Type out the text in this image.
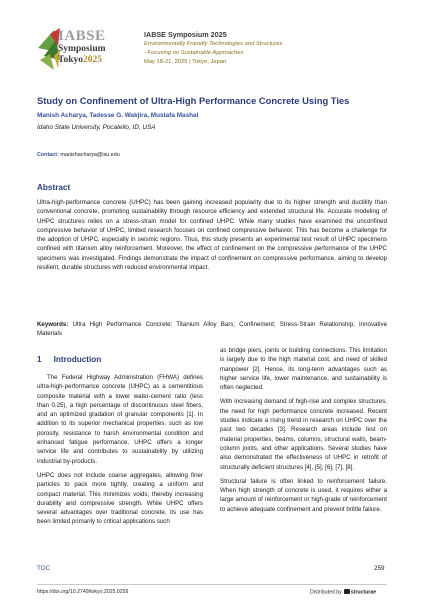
IABSE
Symposium
Tokyo2025
IABSE Symposium 2025
Environmentally Friendly Technologies and Structures
- Focusing on Sustainable Approaches
May 18-21, 2025 | Tokyo, Japan
Study on Confinement of Ultra-High Performance Concrete Using Ties
Manish Acharya, Tadesse G. Wakjira, Mustafa Mashal
Idaho State University, Pocatello, ID, USA
Contact: manishacharya@isu.edu
Abstract
Ultra-high-performance concrete (UHPC) has been gaining increased popularity due to its higher strength and ductility than conventional concrete, promoting sustainability through resource efficiency and extended structural life. Accurate modeling of UHPC structures relies on a stress-strain model for confined UHPC. While many studies have examined the unconfined compressive behavior of UHPC, limited research focuses on confined compressive behavior. This has become a challenge for the adoption of UHPC, especially in seismic regions. Thus, this study presents an experimental test result of UHPC specimens confined with titanium alloy reinforcement. Moreover, the effect of confinement on the compressive performance of the UHPC specimens was investigated. Findings demonstrate the impact of confinement on compressive performance, aiming to develop resilient, durable structures with reduced environmental impact.
Keywords: Ultra High Performance Concrete; Titanium Alloy Bars; Confinement; Stress-Strain Relationship; Innovative Materials
1 Introduction

The Federal Highway Administration (FHWA) defines ultra-high-performance concrete (UHPC) as a cementitious composite material with a lower water-cement ratio (less than 0.25), a high percentage of discontinuous steel fibers, and an optimized gradation of granular components [1]. In addition to its superior mechanical properties, such as low porosity, resistance to harsh environmental condition and enhanced fatigue performance, UHPC offers a longer service life and contributes to sustainability by utilizing industrial by-products.

UHPC does not include coarse aggregates, allowing finer particles to pack more tightly, creating a uniform and compact material. This minimizes voids; thereby increasing durability and compressive strength. While UHPC offers several advantages over traditional concrete, its use has been limited primarily to critical applications such

as bridge piers, joints or building connections. This limitation is largely due to the high material cost, and need of skilled manpower [2]. Hence, its long-term advantages such as higher service life, lower maintenance, and sustainability is often neglected.

With increasing demand of high-rise and complex structures, the need for high performance concrete increased. Recent studies indicate a rising trend in research on UHPC over the past two decades [3]. Research areas include test on material properties, beams, columns, structural walls, beam-column joints, and other applications. Several studies have also demonstrated the effectiveness of UHPC in retrofit of structurally deficient structures [4], [5], [6], [7], [8].

Structural failure is often linked to reinforcement failure. When high strength of concrete is used, it requires either a large amount of reinforcement or high-grade of reinforcement to achieve adequate confinement and prevent brittle failure.

TOC	259
https://doi.org/10.2749/tokyo.2025.0259	Distributed by structurae
